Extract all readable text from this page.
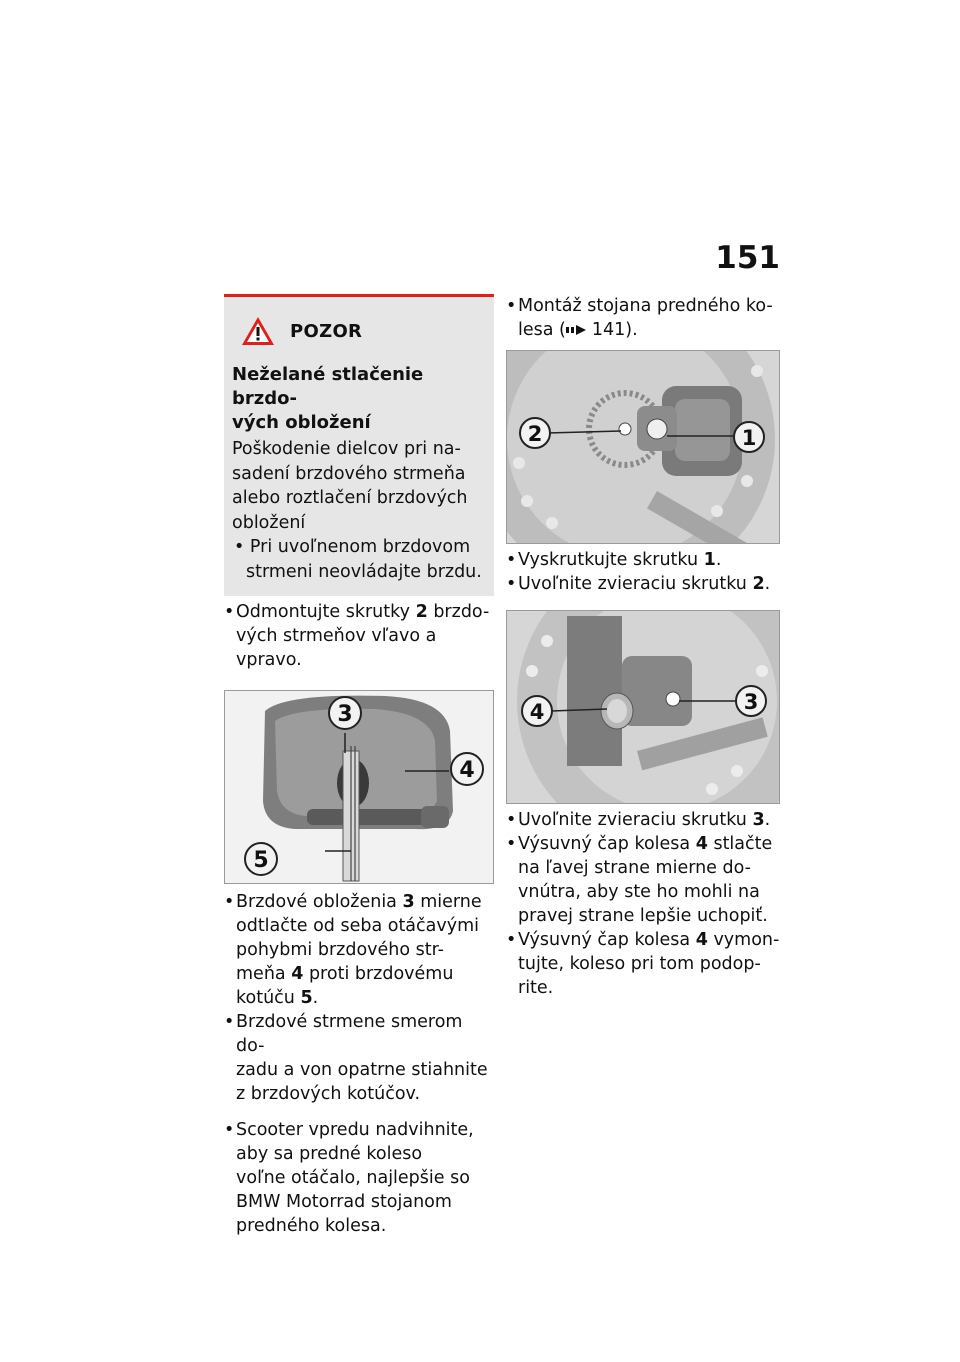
151
POZOR
Neželané stlačenie brzdo-
vých obložení
Poškodenie dielcov pri na-
sadení brzdového strmeňa
alebo roztlačení brzdových
obložení
• Pri uvoľnenom brzdovom
strmeni neovládajte brzdu.
•Odmontujte skrutky 2 brzdo-
vých strmeňov vľavo a vpravo.
3
4
5
•Brzdové obloženia 3 mierne
odtlačte od seba otáčavými
pohybmi brzdového str-
meňa 4 proti brzdovému
kotúču 5.
•Brzdové strmene smerom do-
zadu a von opatrne stiahnite
z brzdových kotúčov.
•Scooter vpredu nadvihnite,
aby sa predné koleso
voľne otáčalo, najlepšie so
BMW Motorrad stojanom
predného kolesa.
•Montáž stojana predného ko-
lesa ( 141).
2	1
•Vyskrutkujte skrutku 1.
•Uvoľnite zvieraciu skrutku 2.
4	3
•Uvoľnite zvieraciu skrutku 3.
•Výsuvný čap kolesa 4 stlačte
na ľavej strane mierne do-
vnútra, aby ste ho mohli na
pravej strane lepšie uchopiť.
•Výsuvný čap kolesa 4 vymon-
tujte, koleso pri tom podop-
rite.
